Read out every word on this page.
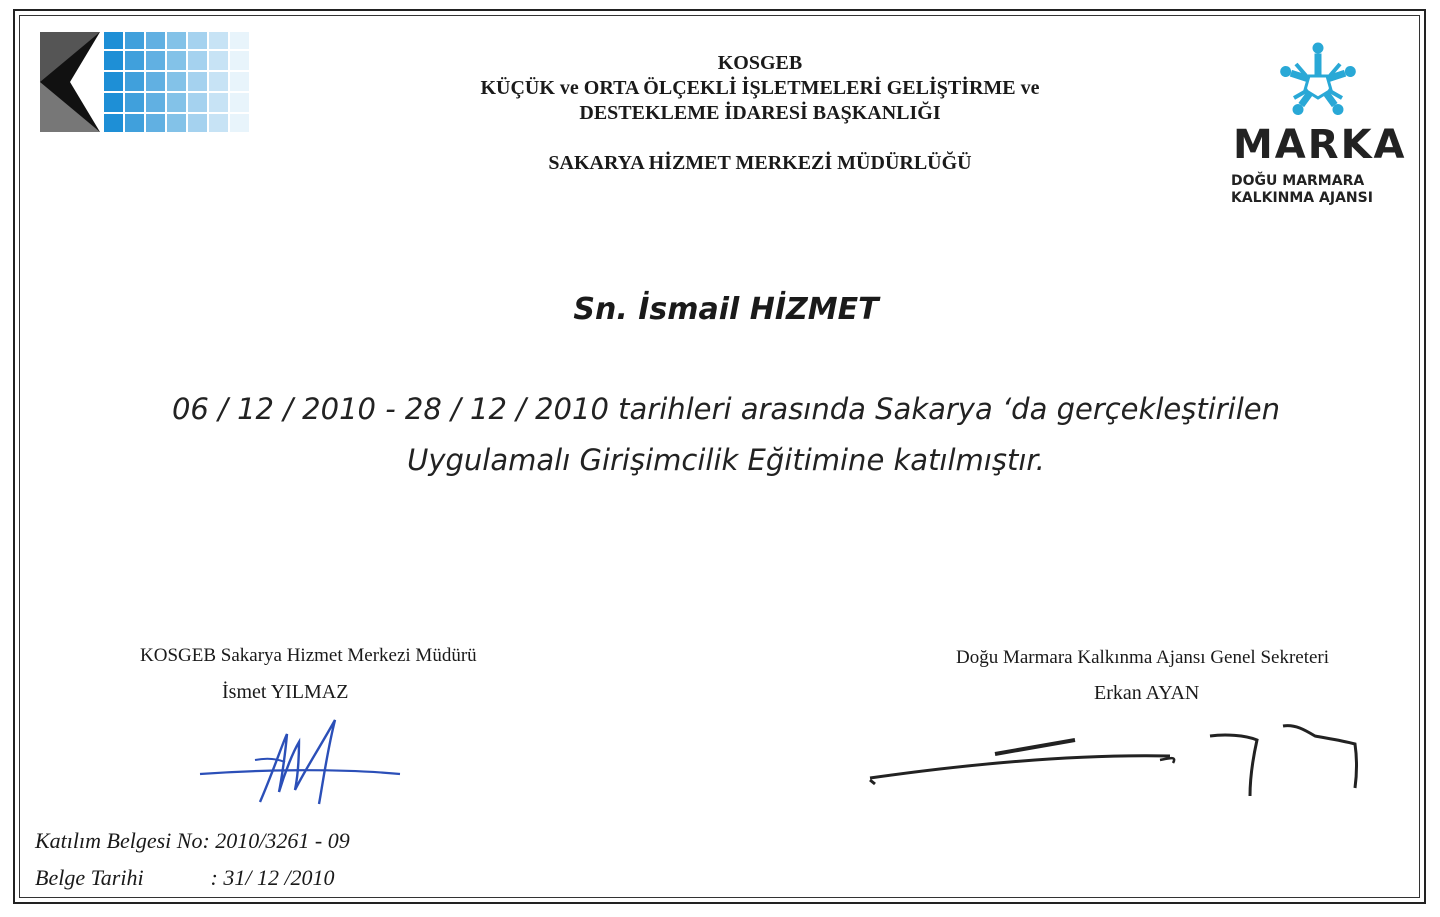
MARKA
DOĞU MARMARA
KALKINMA AJANSI
KOSGEB
KÜÇÜK ve ORTA ÖLÇEKLİ İŞLETMELERİ GELİŞTİRME ve
DESTEKLEME İDARESİ BAŞKANLIĞI
SAKARYA HİZMET MERKEZİ MÜDÜRLÜĞÜ
Sn. İsmail HİZMET
06 / 12 / 2010 - 28 / 12 / 2010 tarihleri arasında Sakarya ‘da gerçekleştirilen
Uygulamalı Girişimcilik Eğitimine katılmıştır.
KOSGEB Sakarya Hizmet Merkezi Müdürü
İsmet YILMAZ
Doğu Marmara Kalkınma Ajansı Genel Sekreteri
Erkan AYAN
Katılım Belgesi No: 2010/3261 - 09
Belge Tarihi	: 31/ 12 /2010
